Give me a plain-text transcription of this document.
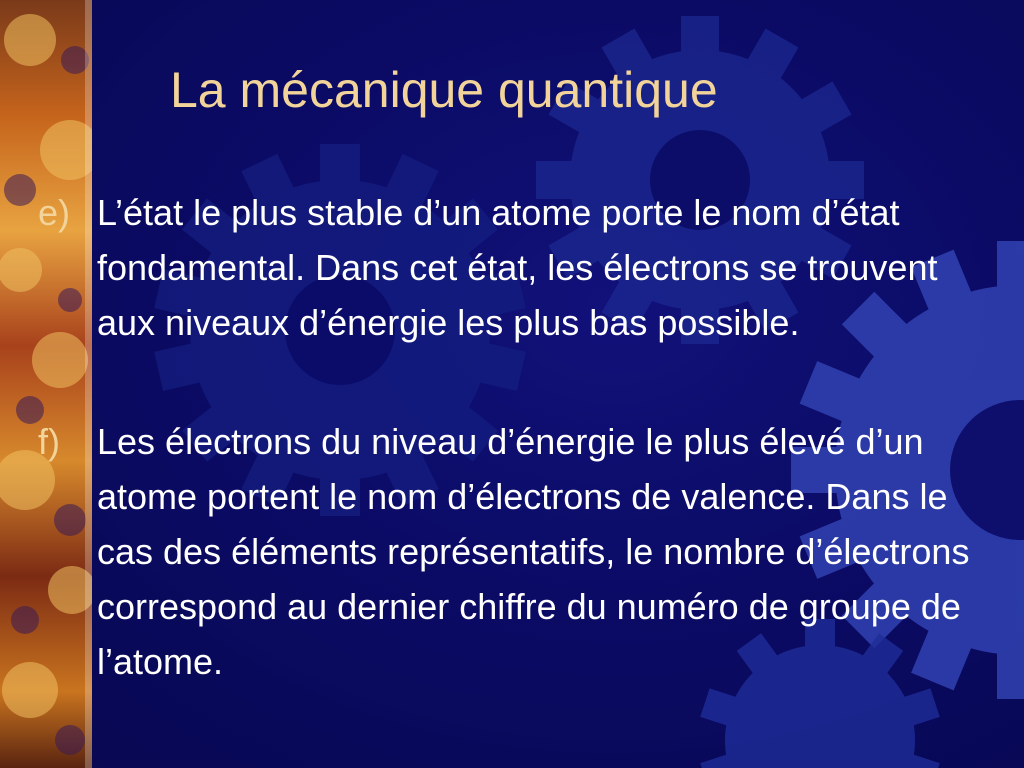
La mécanique quantique
e) L’état le plus stable d’un atome porte le nom d’état fondamental. Dans cet état, les électrons se trouvent aux niveaux d’énergie les plus bas possible.
f)	Les électrons du niveau d’énergie le plus élevé d’un atome portent le nom d’électrons de valence. Dans le cas des éléments représentatifs, le nombre d’électrons correspond au dernier chiffre du numéro de groupe de l’atome.
